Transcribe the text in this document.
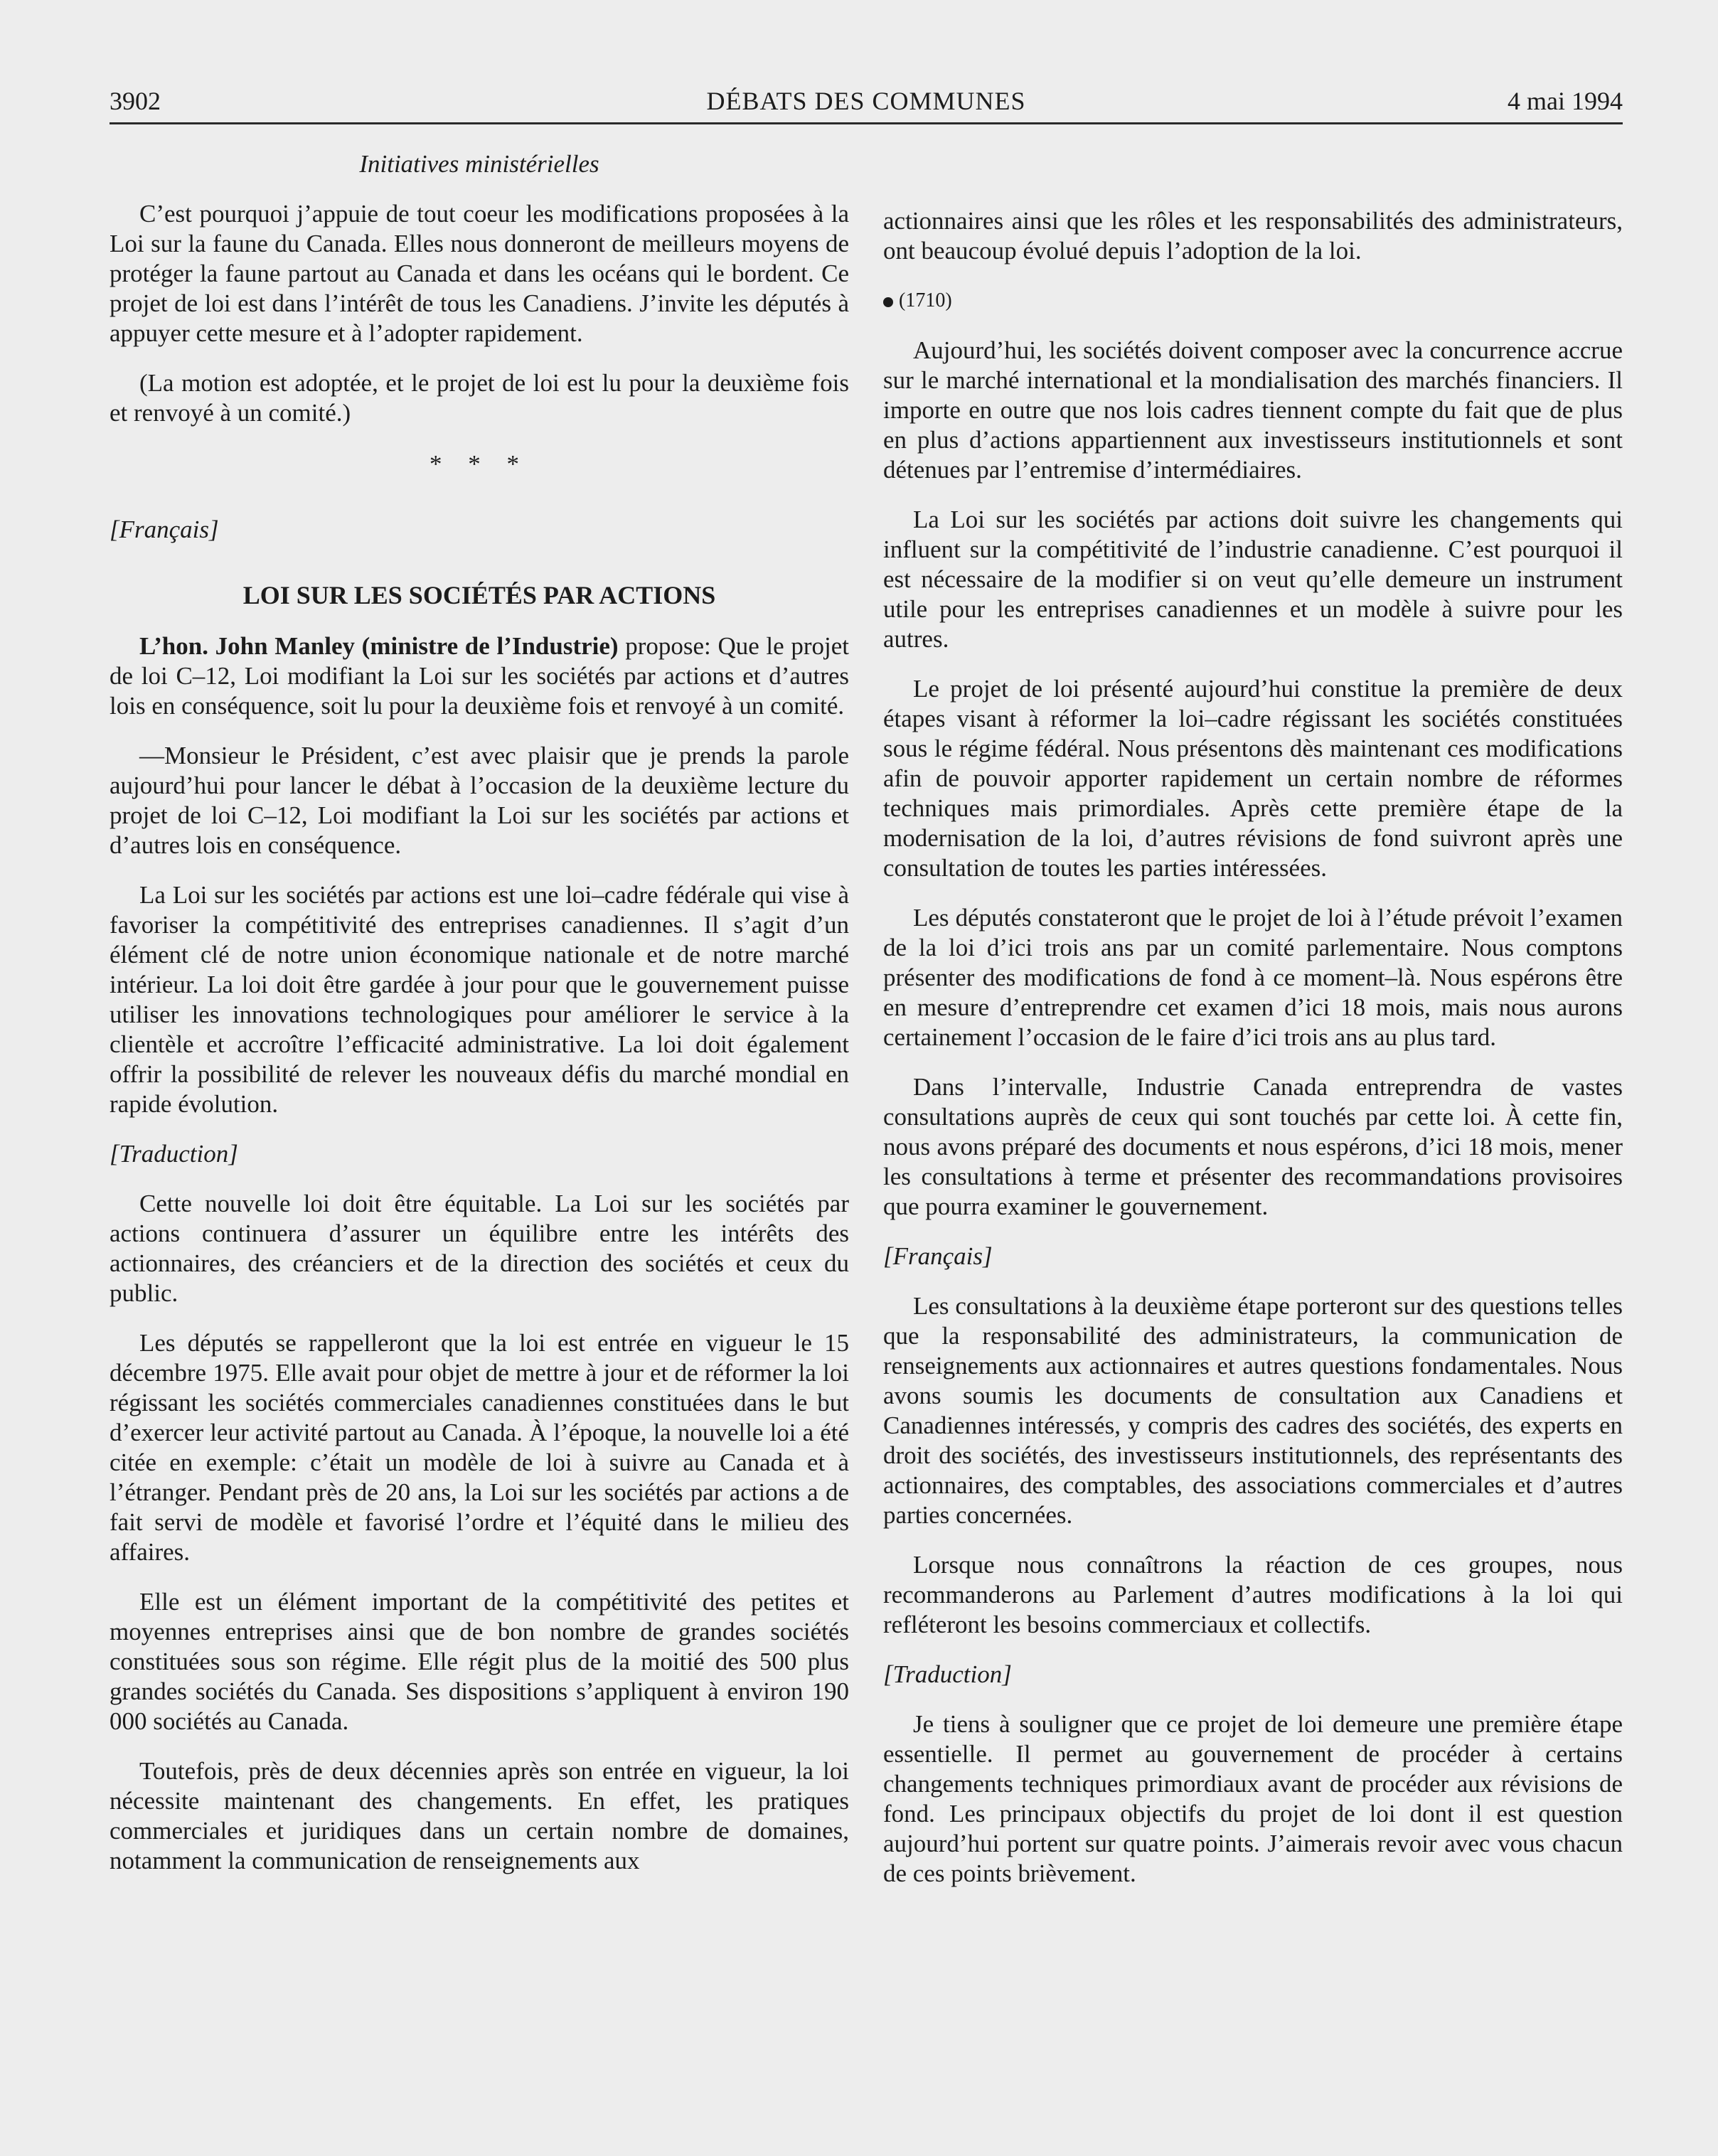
3902	DÉBATS DES COMMUNES	4 mai 1994
Initiatives ministérielles

C’est pourquoi j’appuie de tout coeur les modifications proposées à la Loi sur la faune du Canada. Elles nous donneront de meilleurs moyens de protéger la faune partout au Canada et dans les océans qui le bordent. Ce projet de loi est dans l’intérêt de tous les Canadiens. J’invite les députés à appuyer cette mesure et à l’adopter rapidement.

(La motion est adoptée, et le projet de loi est lu pour la deuxième fois et renvoyé à un comité.)

* * *
[Français]
LOI SUR LES SOCIÉTÉS PAR ACTIONS

L’hon. John Manley (ministre de l’Industrie) propose: Que le projet de loi C–12, Loi modifiant la Loi sur les sociétés par actions et d’autres lois en conséquence, soit lu pour la deuxième fois et renvoyé à un comité.

—Monsieur le Président, c’est avec plaisir que je prends la parole aujourd’hui pour lancer le débat à l’occasion de la deuxième lecture du projet de loi C–12, Loi modifiant la Loi sur les sociétés par actions et d’autres lois en conséquence.

La Loi sur les sociétés par actions est une loi–cadre fédérale qui vise à favoriser la compétitivité des entreprises canadiennes. Il s’agit d’un élément clé de notre union économique nationale et de notre marché intérieur. La loi doit être gardée à jour pour que le gouvernement puisse utiliser les innovations technologiques pour améliorer le service à la clientèle et accroître l’efficacité administrative. La loi doit également offrir la possibilité de relever les nouveaux défis du marché mondial en rapide évolution.

[Traduction]

Cette nouvelle loi doit être équitable. La Loi sur les sociétés par actions continuera d’assurer un équilibre entre les intérêts des actionnaires, des créanciers et de la direction des sociétés et ceux du public.

Les députés se rappelleront que la loi est entrée en vigueur le 15 décembre 1975. Elle avait pour objet de mettre à jour et de réformer la loi régissant les sociétés commerciales canadiennes constituées dans le but d’exercer leur activité partout au Canada. À l’époque, la nouvelle loi a été citée en exemple: c’était un modèle de loi à suivre au Canada et à l’étranger. Pendant près de 20 ans, la Loi sur les sociétés par actions a de fait servi de modèle et favorisé l’ordre et l’équité dans le milieu des affaires.

Elle est un élément important de la compétitivité des petites et moyennes entreprises ainsi que de bon nombre de grandes sociétés constituées sous son régime. Elle régit plus de la moitié des 500 plus grandes sociétés du Canada. Ses dispositions s’appliquent à environ 190 000 sociétés au Canada.

Toutefois, près de deux décennies après son entrée en vigueur, la loi nécessite maintenant des changements. En effet, les pratiques commerciales et juridiques dans un certain nombre de domaines, notamment la communication de renseignements aux

actionnaires ainsi que les rôles et les responsabilités des administrateurs, ont beaucoup évolué depuis l’adoption de la loi.

(1710)

Aujourd’hui, les sociétés doivent composer avec la concurrence accrue sur le marché international et la mondialisation des marchés financiers. Il importe en outre que nos lois cadres tiennent compte du fait que de plus en plus d’actions appartiennent aux investisseurs institutionnels et sont détenues par l’entremise d’intermédiaires.

La Loi sur les sociétés par actions doit suivre les changements qui influent sur la compétitivité de l’industrie canadienne. C’est pourquoi il est nécessaire de la modifier si on veut qu’elle demeure un instrument utile pour les entreprises canadiennes et un modèle à suivre pour les autres.

Le projet de loi présenté aujourd’hui constitue la première de deux étapes visant à réformer la loi–cadre régissant les sociétés constituées sous le régime fédéral. Nous présentons dès maintenant ces modifications afin de pouvoir apporter rapidement un certain nombre de réformes techniques mais primordiales. Après cette première étape de la modernisation de la loi, d’autres révisions de fond suivront après une consultation de toutes les parties intéressées.

Les députés constateront que le projet de loi à l’étude prévoit l’examen de la loi d’ici trois ans par un comité parlementaire. Nous comptons présenter des modifications de fond à ce moment–là. Nous espérons être en mesure d’entreprendre cet examen d’ici 18 mois, mais nous aurons certainement l’occasion de le faire d’ici trois ans au plus tard.

Dans l’intervalle, Industrie Canada entreprendra de vastes consultations auprès de ceux qui sont touchés par cette loi. À cette fin, nous avons préparé des documents et nous espérons, d’ici 18 mois, mener les consultations à terme et présenter des recommandations provisoires que pourra examiner le gouvernement.

[Français]

Les consultations à la deuxième étape porteront sur des questions telles que la responsabilité des administrateurs, la communication de renseignements aux actionnaires et autres questions fondamentales. Nous avons soumis les documents de consultation aux Canadiens et Canadiennes intéressés, y compris des cadres des sociétés, des experts en droit des sociétés, des investisseurs institutionnels, des représentants des actionnaires, des comptables, des associations commerciales et d’autres parties concernées.

Lorsque nous connaîtrons la réaction de ces groupes, nous recommanderons au Parlement d’autres modifications à la loi qui refléteront les besoins commerciaux et collectifs.

[Traduction]

Je tiens à souligner que ce projet de loi demeure une première étape essentielle. Il permet au gouvernement de procéder à certains changements techniques primordiaux avant de procéder aux révisions de fond. Les principaux objectifs du projet de loi dont il est question aujourd’hui portent sur quatre points. J’aimerais revoir avec vous chacun de ces points brièvement.
